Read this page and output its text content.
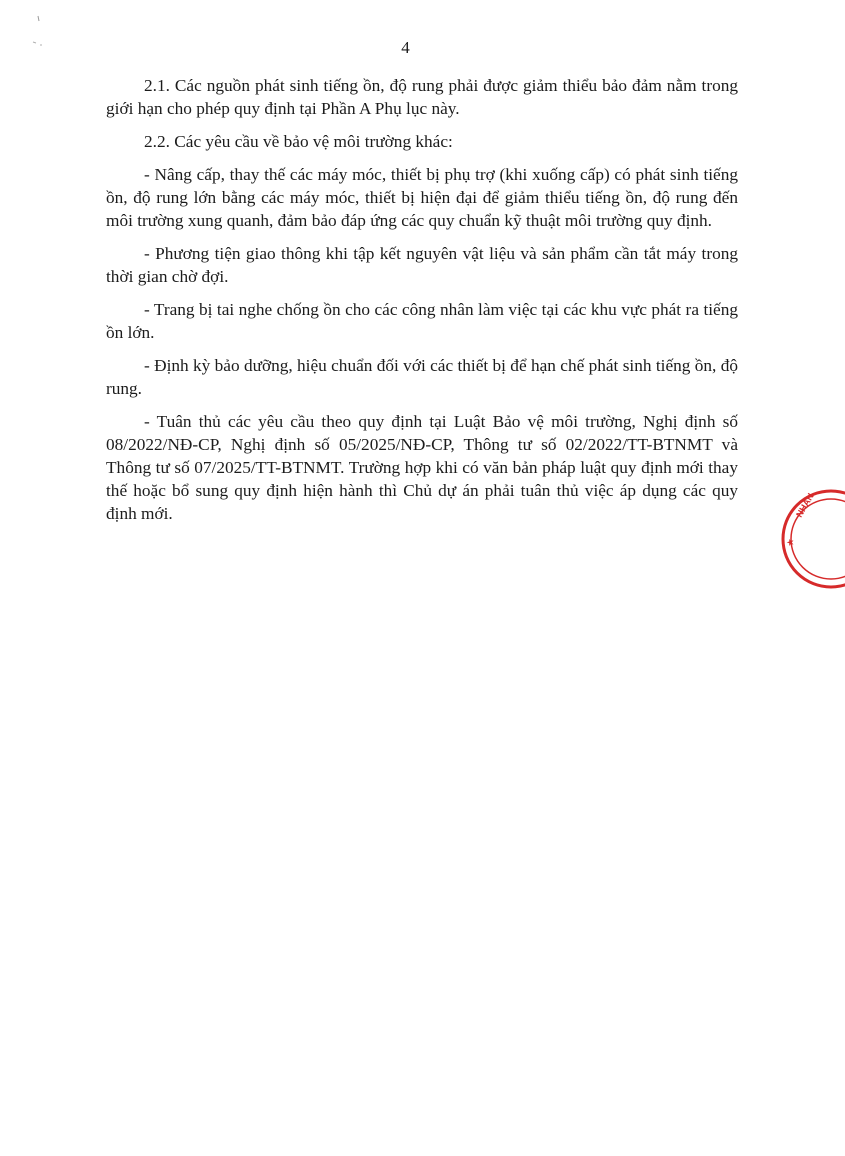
4

2.1. Các nguồn phát sinh tiếng ồn, độ rung phải được giảm thiểu bảo đảm nằm trong giới hạn cho phép quy định tại Phần A Phụ lục này.

2.2. Các yêu cầu về bảo vệ môi trường khác:

- Nâng cấp, thay thế các máy móc, thiết bị phụ trợ (khi xuống cấp) có phát sinh tiếng ồn, độ rung lớn bằng các máy móc, thiết bị hiện đại để giảm thiểu tiếng ồn, độ rung đến môi trường xung quanh, đảm bảo đáp ứng các quy chuẩn kỹ thuật môi trường quy định.

- Phương tiện giao thông khi tập kết nguyên vật liệu và sản phẩm cần tắt máy trong thời gian chờ đợi.

- Trang bị tai nghe chống ồn cho các công nhân làm việc tại các khu vực phát ra tiếng ồn lớn.

- Định kỳ bảo dưỡng, hiệu chuẩn đối với các thiết bị để hạn chế phát sinh tiếng ồn, độ rung.

- Tuân thủ các yêu cầu theo quy định tại Luật Bảo vệ môi trường, Nghị định số 08/2022/NĐ-CP, Nghị định số 05/2025/NĐ-CP, Thông tư số 02/2022/TT-BTNMT và Thông tư số 07/2025/TT-BTNMT. Trường hợp khi có văn bản pháp luật quy định mới thay thế hoặc bổ sung quy định hiện hành thì Chủ dự án phải tuân thủ việc áp dụng các quy định mới.	NHÂN
★
